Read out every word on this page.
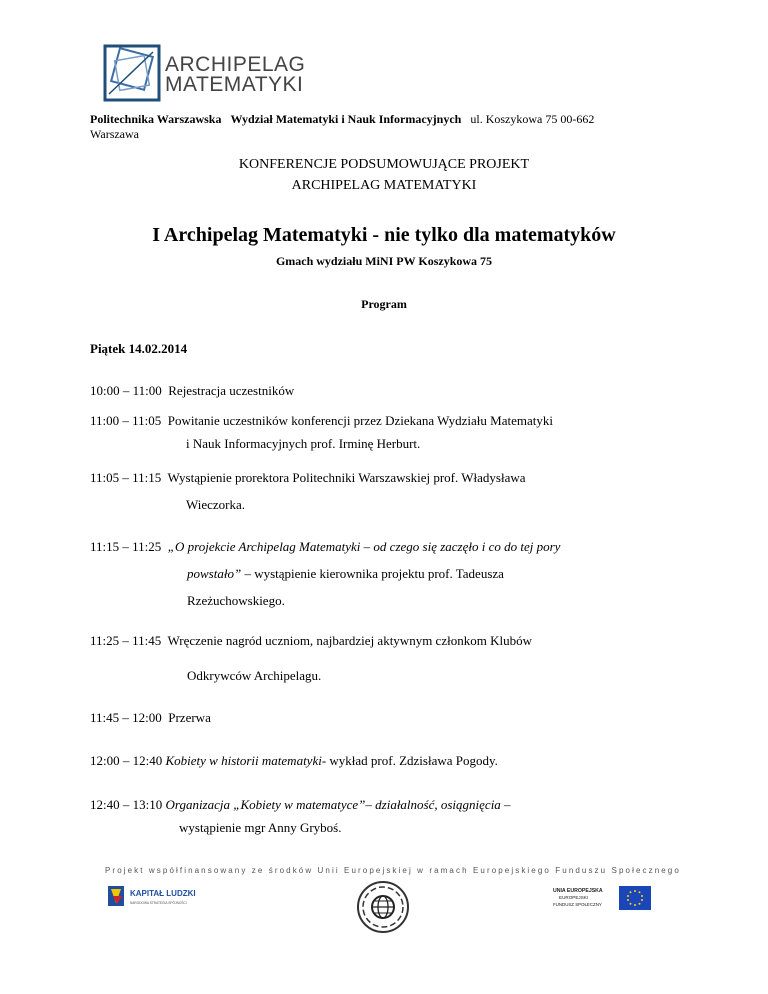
ARCHIPELAG
MATEMATYKI
Politechnika Warszawska Wydział Matematyki i Nauk Informacyjnych ul. Koszykowa 75 00-662
Warszawa
KONFERENCJE PODSUMOWUJĄCE PROJEKT
ARCHIPELAG MATEMATYKI
I Archipelag Matematyki - nie tylko dla matematyków
Gmach wydziału MiNI PW Koszykowa 75
Program
Piątek 14.02.2014
10:00 – 11:00 Rejestracja uczestników
11:00 – 11:05 Powitanie uczestników konferencji przez Dziekana Wydziału Matematyki
i Nauk Informacyjnych prof. Irminę Herburt.
11:05 – 11:15 Wystąpienie prorektora Politechniki Warszawskiej prof. Władysława
Wieczorka.
11:15 – 11:25 „O projekcie Archipelag Matematyki – od czego się zaczęło i co do tej pory
powstało” – wystąpienie kierownika projektu prof. Tadeusza
Rzeżuchowskiego.
11:25 – 11:45 Wręczenie nagród uczniom, najbardziej aktywnym członkom Klubów
Odkrywców Archipelagu.
11:45 – 12:00 Przerwa
12:00 – 12:40 Kobiety w historii matematyki- wykład prof. Zdzisława Pogody.
12:40 – 13:10 Organizacja „Kobiety w matematyce”– działalność, osiągnięcia –
wystąpienie mgr Anny Gryboś.
Projekt współfinansowany ze środków Unii Europejskiej w ramach Europejskiego Funduszu Społecznego
KAPITAŁ LUDZKI
NARODOWA STRATEGIA SPÓJNOŚCI
UNIA EUROPEJSKA
EUROPEJSKI
FUNDUSZ SPOŁECZNY
